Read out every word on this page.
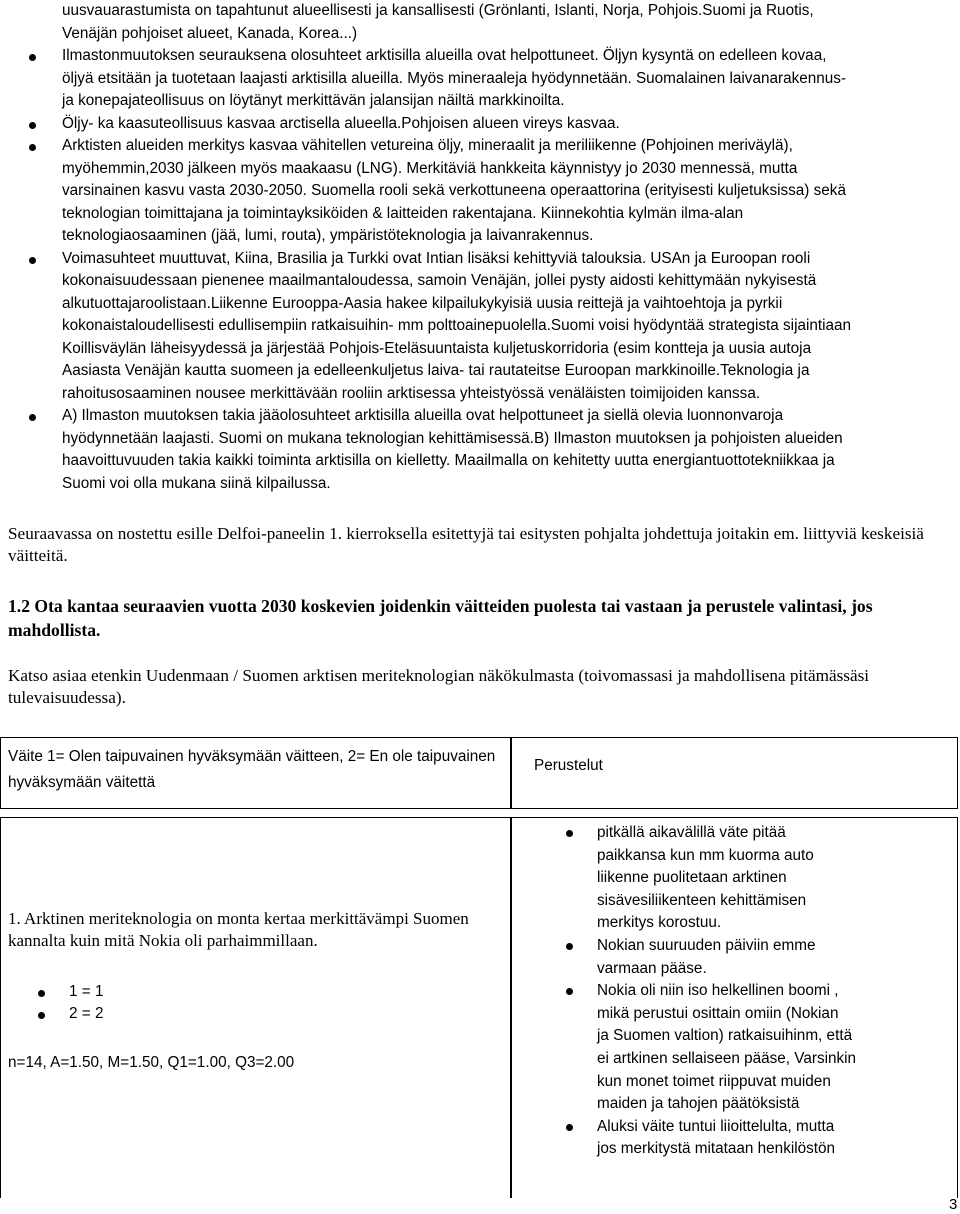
uusvauarastumista on tapahtunut alueellisesti ja kansallisesti (Grönlanti, Islanti, Norja, Pohjois.Suomi ja Ruotis,
Venäjän pohjoiset alueet, Kanada, Korea...)
Ilmastonmuutoksen seurauksena olosuhteet arktisilla alueilla ovat helpottuneet. Öljyn kysyntä on edelleen kovaa,
öljyä etsitään ja tuotetaan laajasti arktisilla alueilla. Myös mineraaleja hyödynnetään. Suomalainen laivanarakennus-
ja konepajateollisuus on löytänyt merkittävän jalansijan näiltä markkinoilta.
Öljy- ka kaasuteollisuus kasvaa arctisella alueella.Pohjoisen alueen vireys kasvaa.
Arktisten alueiden merkitys kasvaa vähitellen vetureina öljy, mineraalit ja meriliikenne (Pohjoinen meriväylä),
myöhemmin,2030 jälkeen myös maakaasu (LNG). Merkitäviä hankkeita käynnistyy jo 2030 mennessä, mutta
varsinainen kasvu vasta 2030-2050. Suomella rooli sekä verkottuneena operaattorina (erityisesti kuljetuksissa) sekä
teknologian toimittajana ja toimintayksiköiden & laitteiden rakentajana. Kiinnekohtia kylmän ilma-alan
teknologiaosaaminen (jää, lumi, routa), ympäristöteknologia ja laivanrakennus.
Voimasuhteet muuttuvat, Kiina, Brasilia ja Turkki ovat Intian lisäksi kehittyviä talouksia. USAn ja Euroopan rooli
kokonaisuudessaan pienenee maailmantaloudessa, samoin Venäjän, jollei pysty aidosti kehittymään nykyisestä
alkutuottajaroolistaan.Liikenne Eurooppa-Aasia hakee kilpailukykyisiä uusia reittejä ja vaihtoehtoja ja pyrkii
kokonaistaloudellisesti edullisempiin ratkaisuihin- mm polttoainepuolella.Suomi voisi hyödyntää strategista sijaintiaan
Koillisväylän läheisyydessä ja järjestää Pohjois-Eteläsuuntaista kuljetuskorridoria (esim kontteja ja uusia autoja
Aasiasta Venäjän kautta suomeen ja edelleenkuljetus laiva- tai rautateitse Euroopan markkinoille.Teknologia ja
rahoitusosaaminen nousee merkittävään rooliin arktisessa yhteistyössä venäläisten toimijoiden kanssa.
A) Ilmaston muutoksen takia jääolosuhteet arktisilla alueilla ovat helpottuneet ja siellä olevia luonnonvaroja
hyödynnetään laajasti. Suomi on mukana teknologian kehittämisessä.B) Ilmaston muutoksen ja pohjoisten alueiden
haavoittuvuuden takia kaikki toiminta arktisilla on kielletty. Maailmalla on kehitetty uutta energiantuottotekniikkaa ja
Suomi voi olla mukana siinä kilpailussa.
Seuraavassa on nostettu esille Delfoi-paneelin 1. kierroksella esitettyjä tai esitysten pohjalta johdettuja joitakin em. liittyviä keskeisiä väitteitä.
1.2 Ota kantaa seuraavien vuotta 2030 koskevien joidenkin väitteiden puolesta tai vastaan ja perustele valintasi, jos mahdollista.
Katso asiaa etenkin Uudenmaan / Suomen arktisen meriteknologian näkökulmasta (toivomassasi ja mahdollisena pitämässäsi tulevaisuudessa).
Väite 1= Olen taipuvainen hyväksymään väitteen, 2= En ole taipuvainen hyväksymään väitettä
Perustelut
1. Arktinen meriteknologia on monta kertaa merkittävämpi Suomen kannalta kuin mitä Nokia oli parhaimmillaan.
1 = 1
2 = 2
n=14, A=1.50, M=1.50, Q1=1.00, Q3=2.00
pitkällä aikavälillä väte pitää
paikkansa kun mm kuorma auto
liikenne puolitetaan arktinen
sisävesiliikenteen kehittämisen
merkitys korostuu.
Nokian suuruuden päiviin emme
varmaan pääse.
Nokia oli niin iso helkellinen boomi ,
mikä perustui osittain omiin (Nokian
ja Suomen valtion) ratkaisuihinm, että
ei artkinen sellaiseen pääse, Varsinkin
kun monet toimet riippuvat muiden
maiden ja tahojen päätöksistä
Aluksi väite tuntui liioittelulta, mutta
jos merkitystä mitataan henkilöstön
3
